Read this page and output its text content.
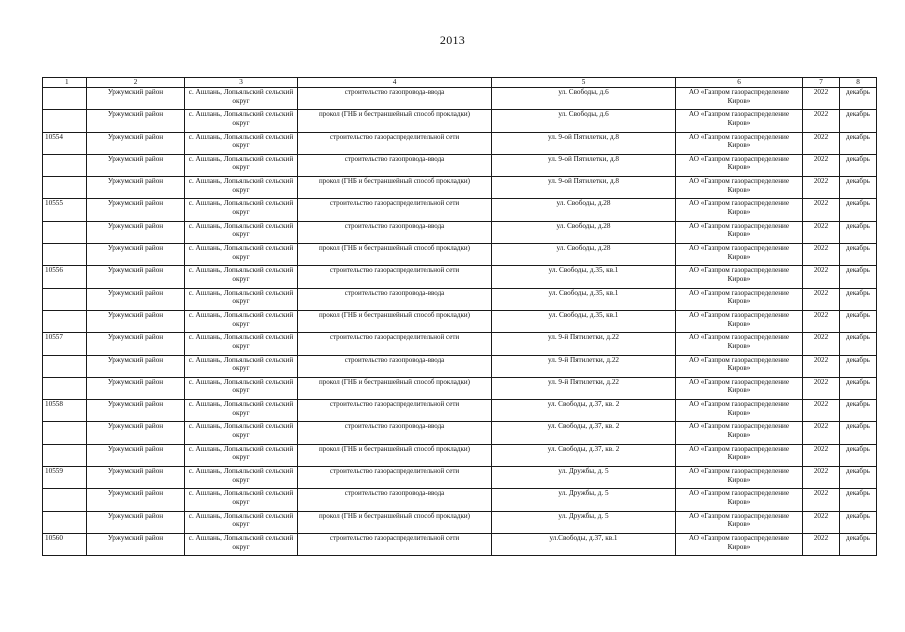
2013
1	2	3	4	5	6	7	8
	Уржумский район	с. Ашлань, Лопьяльский сельский округ	строительство газопровода-ввода	ул. Свободы, д.6	АО «Газпром газораспределение Киров»	2022	декабрь
	Уржумский район	с. Ашлань, Лопьяльский сельский округ	прокол (ГНБ и бестраншейный способ прокладки)	ул. Свободы, д.6	АО «Газпром газораспределение Киров»	2022	декабрь
10554	Уржумский район	с. Ашлань, Лопьяльский сельский округ	строительство газораспределительной сети	ул. 9-ой Пятилетки, д.8	АО «Газпром газораспределение Киров»	2022	декабрь
	Уржумский район	с. Ашлань, Лопьяльский сельский округ	строительство газопровода-ввода	ул. 9-ой Пятилетки, д.8	АО «Газпром газораспределение Киров»	2022	декабрь
	Уржумский район	с. Ашлань, Лопьяльский сельский округ	прокол (ГНБ и бестраншейный способ прокладки)	ул. 9-ой Пятилетки, д.8	АО «Газпром газораспределение Киров»	2022	декабрь
10555	Уржумский район	с. Ашлань, Лопьяльский сельский округ	строительство газораспределительной сети	ул. Свободы, д.28	АО «Газпром газораспределение Киров»	2022	декабрь
	Уржумский район	с. Ашлань, Лопьяльский сельский округ	строительство газопровода-ввода	ул. Свободы, д.28	АО «Газпром газораспределение Киров»	2022	декабрь
	Уржумский район	с. Ашлань, Лопьяльский сельский округ	прокол (ГНБ и бестраншейный способ прокладки)	ул. Свободы, д.28	АО «Газпром газораспределение Киров»	2022	декабрь
10556	Уржумский район	с. Ашлань, Лопьяльский сельский округ	строительство газораспределительной сети	ул. Свободы, д.35, кв.1	АО «Газпром газораспределение Киров»	2022	декабрь
	Уржумский район	с. Ашлань, Лопьяльский сельский округ	строительство газопровода-ввода	ул. Свободы, д.35, кв.1	АО «Газпром газораспределение Киров»	2022	декабрь
	Уржумский район	с. Ашлань, Лопьяльский сельский округ	прокол (ГНБ и бестраншейный способ прокладки)	ул. Свободы, д.35, кв.1	АО «Газпром газораспределение Киров»	2022	декабрь
10557	Уржумский район	с. Ашлань, Лопьяльский сельский округ	строительство газораспределительной сети	ул. 9-й Пятилетки, д.22	АО «Газпром газораспределение Киров»	2022	декабрь
	Уржумский район	с. Ашлань, Лопьяльский сельский округ	строительство газопровода-ввода	ул. 9-й Пятилетки, д.22	АО «Газпром газораспределение Киров»	2022	декабрь
	Уржумский район	с. Ашлань, Лопьяльский сельский округ	прокол (ГНБ и бестраншейный способ прокладки)	ул. 9-й Пятилетки, д.22	АО «Газпром газораспределение Киров»	2022	декабрь
10558	Уржумский район	с. Ашлань, Лопьяльский сельский округ	строительство газораспределительной сети	ул. Свободы, д.37, кв. 2	АО «Газпром газораспределение Киров»	2022	декабрь
	Уржумский район	с. Ашлань, Лопьяльский сельский округ	строительство газопровода-ввода	ул. Свободы, д.37, кв. 2	АО «Газпром газораспределение Киров»	2022	декабрь
	Уржумский район	с. Ашлань, Лопьяльский сельский округ	прокол (ГНБ и бестраншейный способ прокладки)	ул. Свободы, д.37, кв. 2	АО «Газпром газораспределение Киров»	2022	декабрь
10559	Уржумский район	с. Ашлань, Лопьяльский сельский округ	строительство газораспределительной сети	ул. Дружбы, д. 5	АО «Газпром газораспределение Киров»	2022	декабрь
	Уржумский район	с. Ашлань, Лопьяльский сельский округ	строительство газопровода-ввода	ул. Дружбы, д. 5	АО «Газпром газораспределение Киров»	2022	декабрь
	Уржумский район	с. Ашлань, Лопьяльский сельский округ	прокол (ГНБ и бестраншейный способ прокладки)	ул. Дружбы, д. 5	АО «Газпром газораспределение Киров»	2022	декабрь
10560	Уржумский район	с. Ашлань, Лопьяльский сельский округ	строительство газораспределительной сети	ул.Свободы, д.37, кв.1	АО «Газпром газораспределение Киров»	2022	декабрь
